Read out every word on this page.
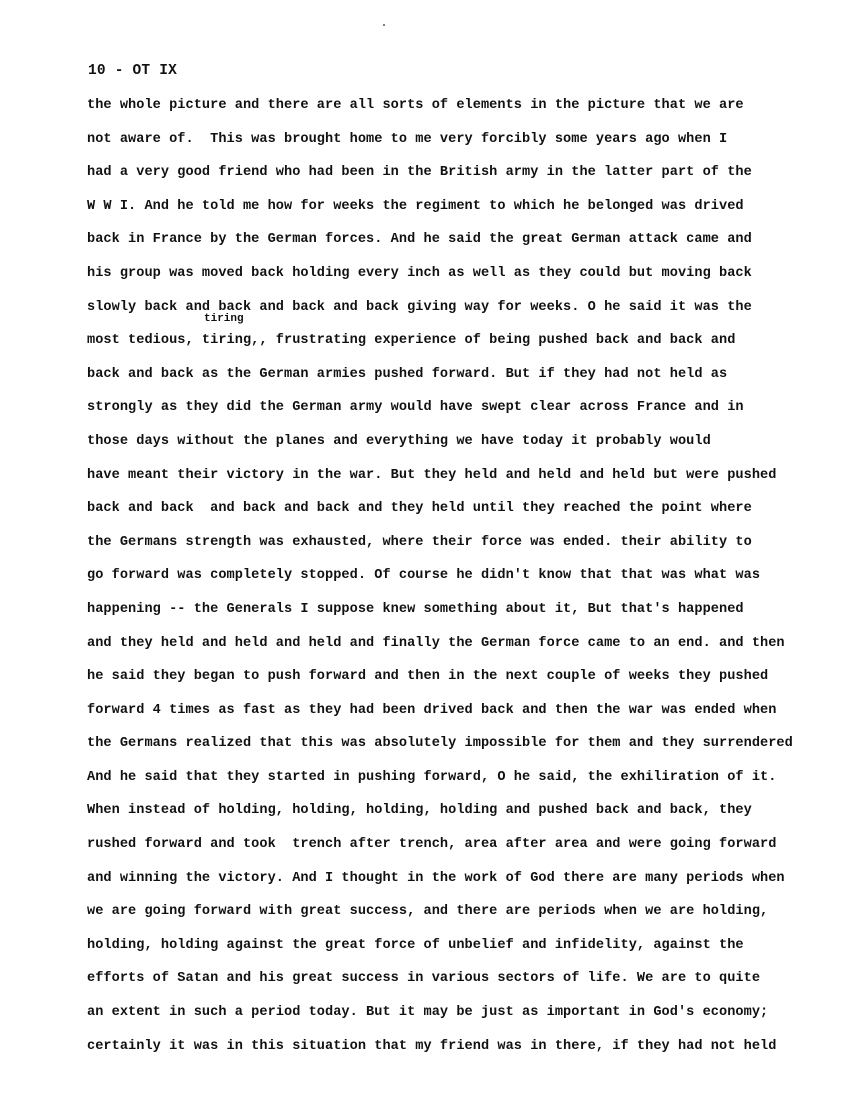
10 - OT IX
tiring
the whole picture and there are all sorts of elements in the picture that we are
not aware of.  This was brought home to me very forcibly some years ago when I
had a very good friend who had been in the British army in the latter part of the
W W I. And he told me how for weeks the regiment to which he belonged was drived
back in France by the German forces. And he said the great German attack came and
his group was moved back holding every inch as well as they could but moving back
slowly back and back and back and back giving way for weeks. O he said it was the
most tedious, tiring,, frustrating experience of being pushed back and back and
back and back as the German armies pushed forward. But if they had not held as
strongly as they did the German army would have swept clear across France and in
those days without the planes and everything we have today it probably would
have meant their victory in the war. But they held and held and held but were pushed
back and back  and back and back and they held until they reached the point where
the Germans strength was exhausted, where their force was ended. their ability to
go forward was completely stopped. Of course he didn't know that that was what was
happening -- the Generals I suppose knew something about it, But that's happened
and they held and held and held and finally the German force came to an end. and then
he said they began to push forward and then in the next couple of weeks they pushed
forward 4 times as fast as they had been drived back and then the war was ended when
the Germans realized that this was absolutely impossible for them and they surrendered
And he said that they started in pushing forward, O he said, the exhiliration of it.
When instead of holding, holding, holding, holding and pushed back and back, they
rushed forward and took  trench after trench, area after area and were going forward
and winning the victory. And I thought in the work of God there are many periods when
we are going forward with great success, and there are periods when we are holding,
holding, holding against the great force of unbelief and infidelity, against the
efforts of Satan and his great success in various sectors of life. We are to quite
an extent in such a period today. But it may be just as important in God's economy;
certainly it was in this situation that my friend was in there, if they had not held
